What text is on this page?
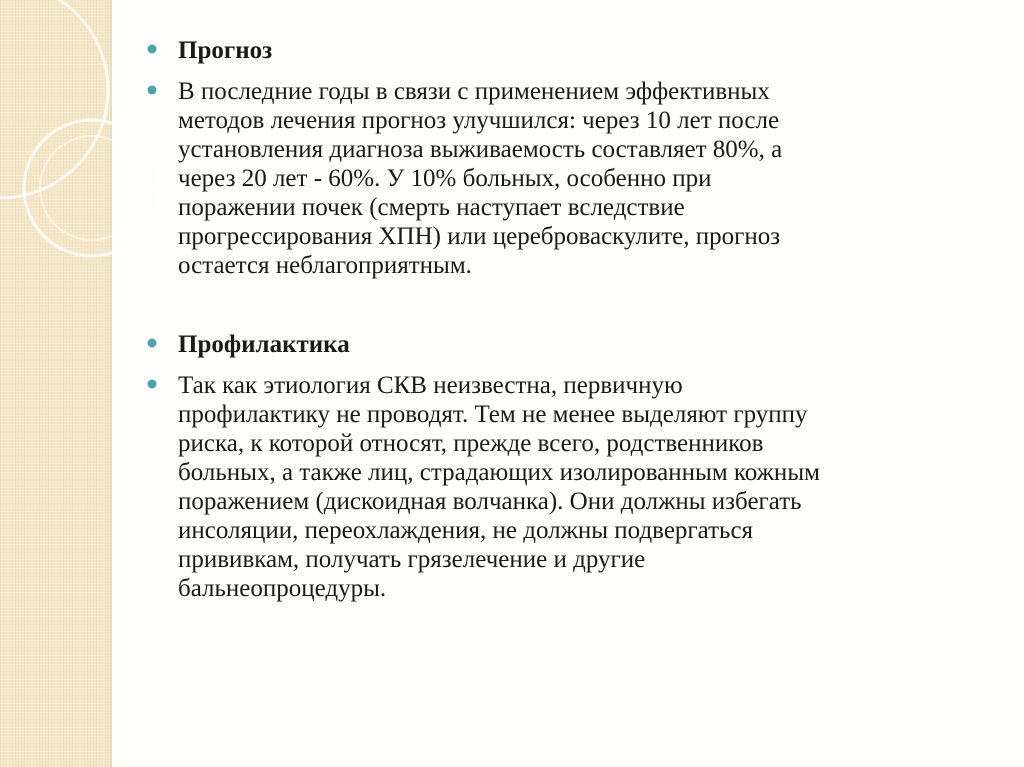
Прогноз
В последние годы в связи с применением эффективных
методов лечения прогноз улучшился: через 10 лет после
установления диагноза выживаемость составляет 80%, а
через 20 лет - 60%. У 10% больных, особенно при
поражении почек (смерть наступает вследствие
прогрессирования ХПН) или цереброваскулите, прогноз
остается неблагоприятным.
Профилактика
Так как этиология СКВ неизвестна, первичную
профилактику не проводят. Тем не менее выделяют группу
риска, к которой относят, прежде всего, родственников
больных, а также лиц, страдающих изолированным кожным
поражением (дискоидная волчанка). Они должны избегать
инсоляции, переохлаждения, не должны подвергаться
прививкам, получать грязелечение и другие
бальнеопроцедуры.
